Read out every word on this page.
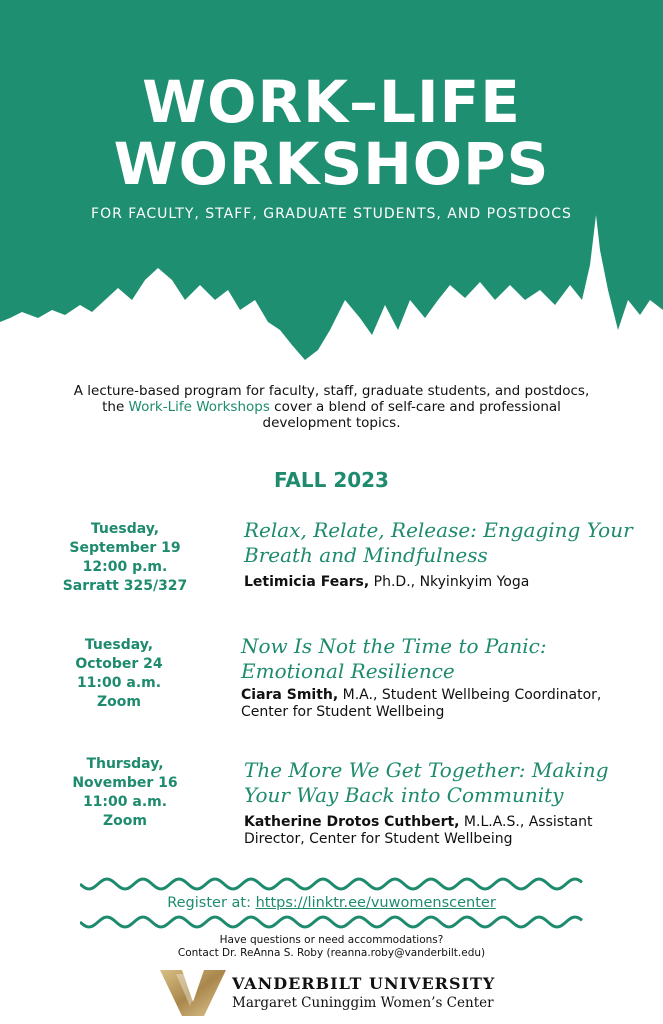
WORK–LIFE
WORKSHOPS
FOR FACULTY, STAFF, GRADUATE STUDENTS, AND POSTDOCS
A lecture-based program for faculty, staff, graduate students, and postdocs, the Work-Life Workshops cover a blend of self-care and professional development topics.
FALL 2023
Tuesday,
September 19
12:00 p.m.
Sarratt 325/327
Relax, Relate, Release: Engaging Your
Breath and Mindfulness
Letimicia Fears, Ph.D., Nkyinkyim Yoga
Tuesday,
October 24
11:00 a.m.
Zoom
Now Is Not the Time to Panic:
Emotional Resilience
Ciara Smith, M.A., Student Wellbeing Coordinator,
Center for Student Wellbeing
Thursday,
November 16
11:00 a.m.
Zoom
The More We Get Together: Making
Your Way Back into Community
Katherine Drotos Cuthbert, M.L.A.S., Assistant
Director, Center for Student Wellbeing
Register at: https://linktr.ee/vuwomenscenter
Have questions or need accommodations?
Contact Dr. ReAnna S. Roby (reanna.roby@vanderbilt.edu)
VANDERBILT UNIVERSITY
Margaret Cuninggim Women’s Center
